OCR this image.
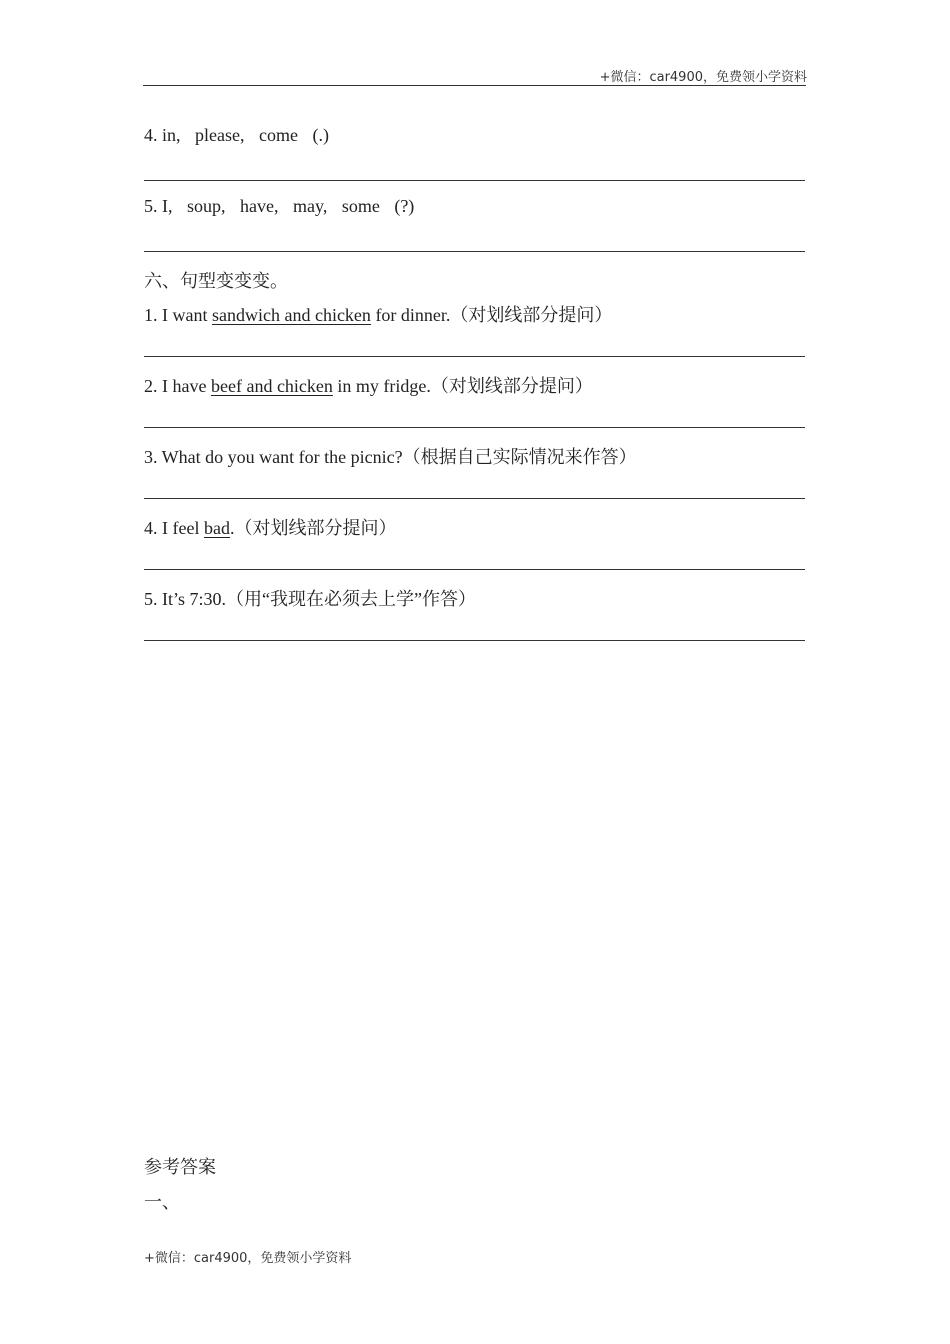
+微信：car4900，免费领小学资料
4. in, please, come (.)
5. I, soup, have, may, some (?)
六、句型变变变。
1. I want sandwich and chicken for dinner.（对划线部分提问）
2. I have beef and chicken in my fridge.（对划线部分提问）
3. What do you want for the picnic?（根据自己实际情况来作答）
4. I feel bad.（对划线部分提问）
5. It’s 7:30.（用“我现在必须去上学”作答）
参考答案
一、
+微信：car4900，免费领小学资料
